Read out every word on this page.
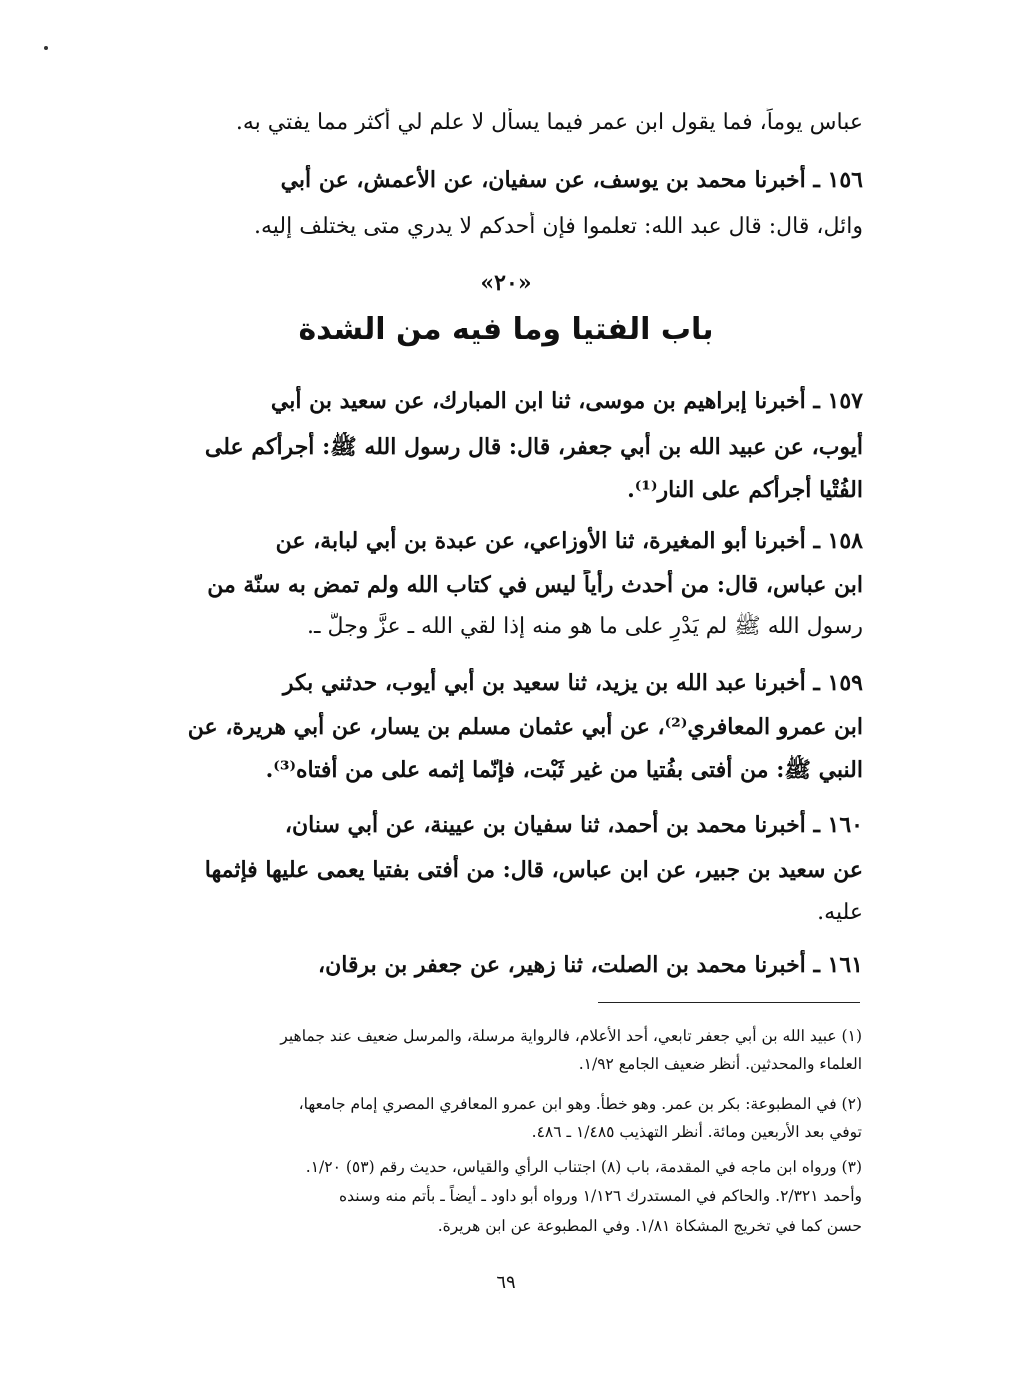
عباس يوماً، فما يقول ابن عمر فيما يسأل لا علم لي أكثر مما يفتي به.
١٥٦ ـ أخبرنا محمد بن يوسف، عن سفيان، عن الأعمش، عن أبي
وائل، قال: قال عبد الله: تعلموا فإن أحدكم لا يدري متى يختلف إليه.
«٢٠»
باب الفتيا وما فيه من الشدة
١٥٧ ـ أخبرنا إبراهيم بن موسى، ثنا ابن المبارك، عن سعيد بن أبي
أيوب، عن عبيد الله بن أبي جعفر، قال: قال رسول الله ﷺ: أجرأكم على
الفُتْيا أجرأكم على النار⁽¹⁾.
١٥٨ ـ أخبرنا أبو المغيرة، ثنا الأوزاعي، عن عبدة بن أبي لبابة، عن
ابن عباس، قال: من أحدث رأياً ليس في كتاب الله ولم تمض به سنّة من
رسول الله ﷺ لم يَدْرِ على ما هو منه إذا لقي الله ـ عزَّ وجلَّ ـ.
١٥٩ ـ أخبرنا عبد الله بن يزيد، ثنا سعيد بن أبي أيوب، حدثني بكر
ابن عمرو المعافري⁽²⁾، عن أبي عثمان مسلم بن يسار، عن أبي هريرة، عن
النبي ﷺ: من أفتى بفُتيا من غير ثَبْت، فإنّما إثمه على من أفتاه⁽³⁾.
١٦٠ ـ أخبرنا محمد بن أحمد، ثنا سفيان بن عيينة، عن أبي سنان،
عن سعيد بن جبير، عن ابن عباس، قال: من أفتى بفتيا يعمى عليها فإثمها
عليه.
١٦١ ـ أخبرنا محمد بن الصلت، ثنا زهير، عن جعفر بن برقان،
(١) عبيد الله بن أبي جعفر تابعي، أحد الأعلام، فالرواية مرسلة، والمرسل ضعيف عند جماهير
العلماء والمحدثين. أنظر ضعيف الجامع ١/٩٢.
(٢) في المطبوعة: بكر بن عمر. وهو خطأ. وهو ابن عمرو المعافري المصري إمام جامعها،
توفي بعد الأربعين ومائة. أنظر التهذيب ١/٤٨٥ ـ ٤٨٦.
(٣) ورواه ابن ماجه في المقدمة، باب (٨) اجتناب الرأي والقياس، حديث رقم (٥٣) ١/٢٠.
وأحمد ٢/٣٢١. والحاكم في المستدرك ١/١٢٦ ورواه أبو داود ـ أيضاً ـ بأتم منه وسنده
حسن كما في تخريج المشكاة ١/٨١. وفي المطبوعة عن ابن هريرة.
٦٩
